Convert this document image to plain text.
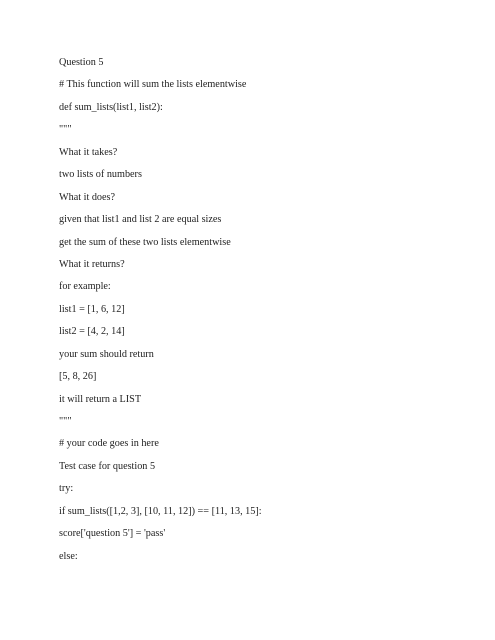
Question 5
# This function will sum the lists elementwise
def sum_lists(list1, list2):
"""
What it takes?
two lists of numbers
What it does?
given that list1 and list 2 are equal sizes
get the sum of these two lists elementwise
What it returns?
for example:
list1 = [1, 6, 12]
list2 = [4, 2, 14]
your sum should return
[5, 8, 26]
it will return a LIST
"""
# your code goes in here
Test case for question 5
try:
if sum_lists([1,2, 3], [10, 11, 12]) == [11, 13, 15]:
score['question 5'] = 'pass'
else:
